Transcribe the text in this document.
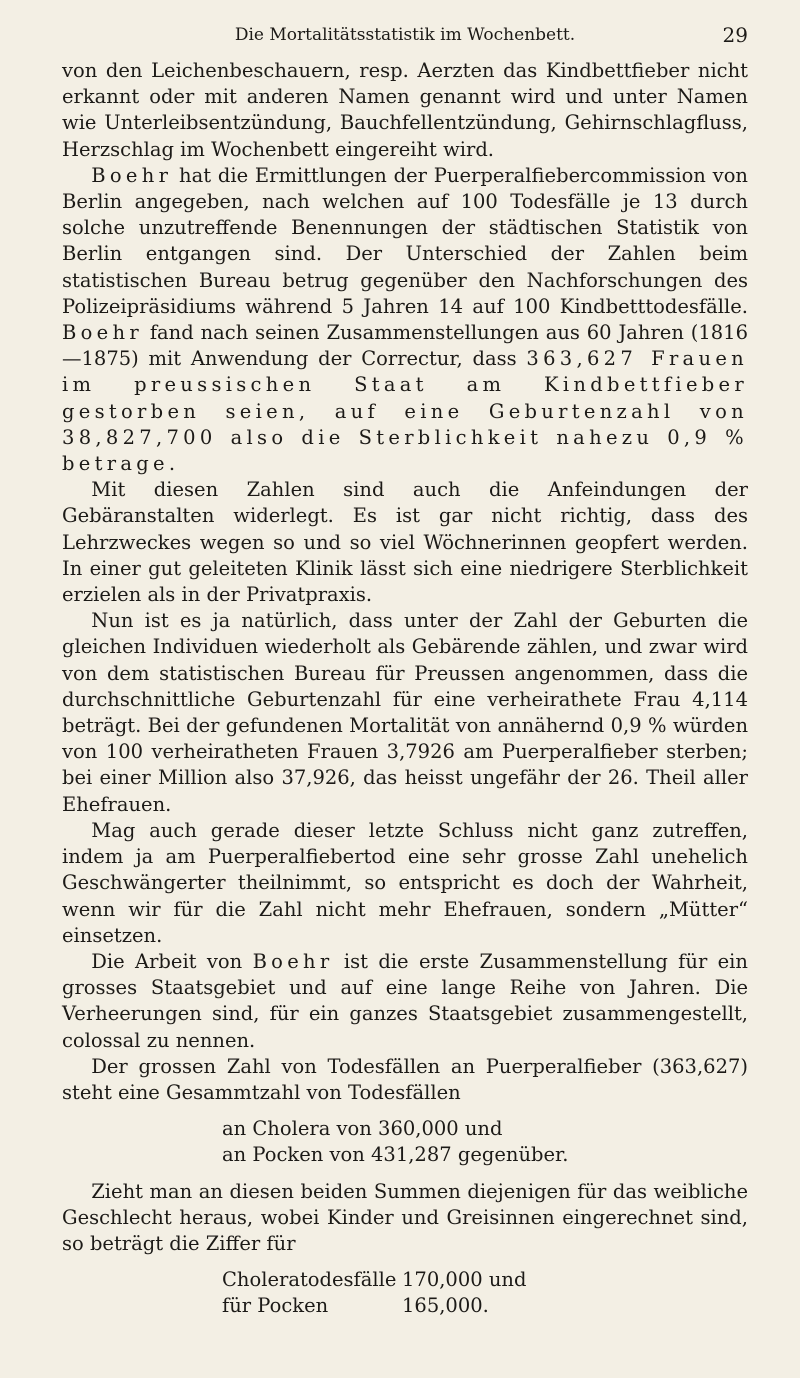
Die Mortalitätsstatistik im Wochenbett.	29

von den Leichenbeschauern, resp. Aerzten das Kindbettfieber nicht erkannt oder mit anderen Namen genannt wird und unter Namen wie Unterleibsentzündung, Bauchfellentzündung, Gehirnschlagfluss, Herzschlag im Wochenbett eingereiht wird.

Boehr hat die Ermittlungen der Puerperalfiebercommission von Berlin angegeben, nach welchen auf 100 Todesfälle je 13 durch solche unzutreffende Benennungen der städtischen Statistik von Berlin entgangen sind. Der Unterschied der Zahlen beim statistischen Bureau betrug gegenüber den Nachforschungen des Polizeipräsidiums während 5 Jahren 14 auf 100 Kindbetttodesfälle. Boehr fand nach seinen Zusammenstellungen aus 60 Jahren (1816—1875) mit Anwendung der Correctur, dass 363,627 Frauen im preussischen Staat am Kindbettfieber gestorben seien, auf eine Geburtenzahl von 38,827,700 also die Sterblichkeit nahezu 0,9 % betrage.

Mit diesen Zahlen sind auch die Anfeindungen der Gebäranstalten widerlegt. Es ist gar nicht richtig, dass des Lehrzweckes wegen so und so viel Wöchnerinnen geopfert werden. In einer gut geleiteten Klinik lässt sich eine niedrigere Sterblichkeit erzielen als in der Privatpraxis.

Nun ist es ja natürlich, dass unter der Zahl der Geburten die gleichen Individuen wiederholt als Gebärende zählen, und zwar wird von dem statistischen Bureau für Preussen angenommen, dass die durchschnittliche Geburtenzahl für eine verheirathete Frau 4,114 beträgt. Bei der gefundenen Mortalität von annähernd 0,9 % würden von 100 verheiratheten Frauen 3,7926 am Puerperalfieber sterben; bei einer Million also 37,926, das heisst ungefähr der 26. Theil aller Ehefrauen.

Mag auch gerade dieser letzte Schluss nicht ganz zutreffen, indem ja am Puerperalfiebertod eine sehr grosse Zahl unehelich Geschwängerter theilnimmt, so entspricht es doch der Wahrheit, wenn wir für die Zahl nicht mehr Ehefrauen, sondern „Mütter“ einsetzen.

Die Arbeit von Boehr ist die erste Zusammenstellung für ein grosses Staatsgebiet und auf eine lange Reihe von Jahren. Die Verheerungen sind, für ein ganzes Staatsgebiet zusammengestellt, colossal zu nennen.

Der grossen Zahl von Todesfällen an Puerperalfieber (363,627) steht eine Gesammtzahl von Todesfällen

an Cholera von 360,000 und
an Pocken von 431,287 gegenüber.

Zieht man an diesen beiden Summen diejenigen für das weibliche Geschlecht heraus, wobei Kinder und Greisinnen eingerechnet sind, so beträgt die Ziffer für

Choleratodesfälle 170,000 und
für Pocken	165,000.
